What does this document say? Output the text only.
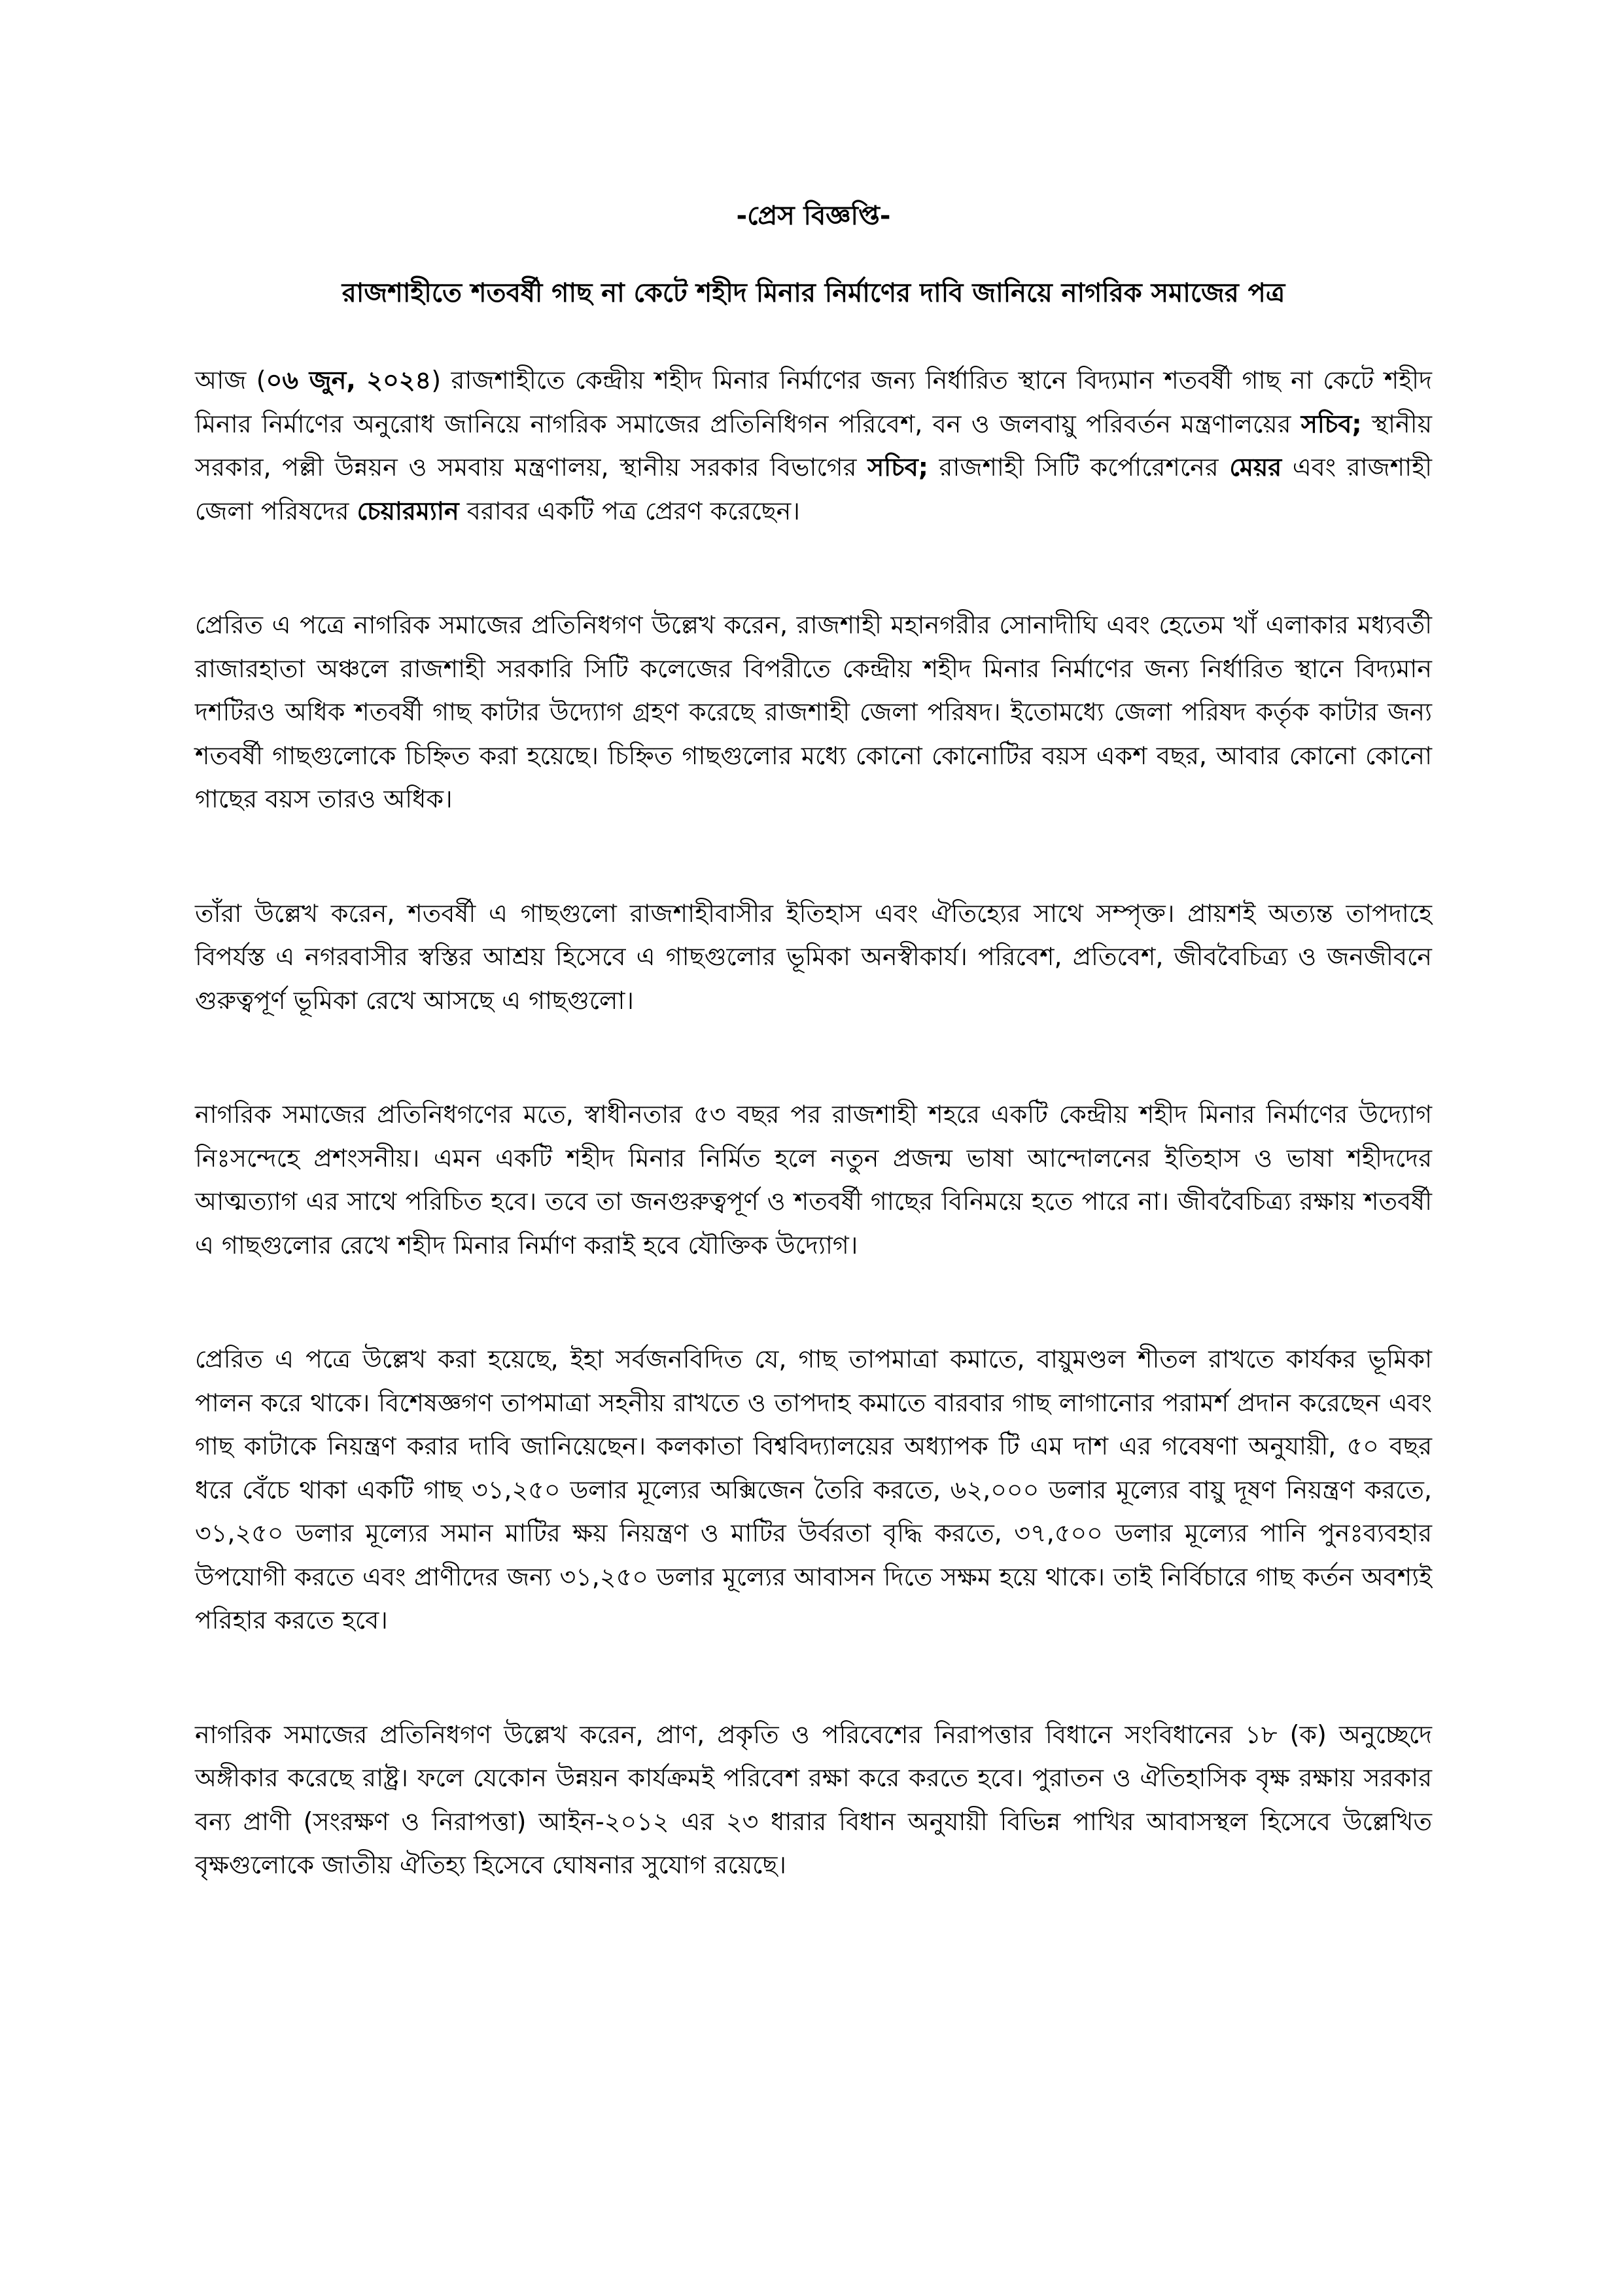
-প্রেস বিজ্ঞপ্তি-
রাজশাহীতে শতবর্ষী গাছ না কেটে শহীদ মিনার নির্মাণের দাবি জানিয়ে নাগরিক সমাজের পত্র

আজ (০৬ জুন, ২০২৪) রাজশাহীতে কেন্দ্রীয় শহীদ মিনার নির্মাণের জন্য নির্ধারিত স্থানে বিদ্যমান শতবর্ষী গাছ না কেটে শহীদ মিনার নির্মাণের অনুরোধ জানিয়ে নাগরিক সমাজের প্রতিনিধিগন পরিবেশ, বন ও জলবায়ু পরিবর্তন মন্ত্রণালয়ের সচিব; স্থানীয় সরকার, পল্লী উন্নয়ন ও সমবায় মন্ত্রণালয়, স্থানীয় সরকার বিভাগের সচিব; রাজশাহী সিটি কর্পোরেশনের মেয়র এবং রাজশাহী জেলা পরিষদের চেয়ারম্যান বরাবর একটি পত্র প্রেরণ করেছেন।

প্রেরিত এ পত্রে নাগরিক সমাজের প্রতিনিধগণ উল্লেখ করেন, রাজশাহী মহানগরীর সোনাদীঘি এবং হেতেম খাঁ এলাকার মধ্যবর্তী রাজারহাতা অঞ্চলে রাজশাহী সরকারি সিটি কলেজের বিপরীতে কেন্দ্রীয় শহীদ মিনার নির্মাণের জন্য নির্ধারিত স্থানে বিদ্যমান দশটিরও অধিক শতবর্ষী গাছ কাটার উদ্যোগ গ্রহণ করেছে রাজশাহী জেলা পরিষদ। ইতোমধ্যে জেলা পরিষদ কর্তৃক কাটার জন্য শতবর্ষী গাছগুলোকে চিহ্নিত করা হয়েছে। চিহ্নিত গাছগুলোর মধ্যে কোনো কোনোটির বয়স একশ বছর, আবার কোনো কোনো গাছের বয়স তারও অধিক।

তাঁরা উল্লেখ করেন, শতবর্ষী এ গাছগুলো রাজশাহীবাসীর ইতিহাস এবং ঐতিহ্যের সাথে সম্পৃক্ত। প্রায়শই অত্যন্ত তাপদাহে বিপর্যস্ত এ নগরবাসীর স্বস্তির আশ্রয় হিসেবে এ গাছগুলোর ভূমিকা অনস্বীকার্য। পরিবেশ, প্রতিবেশ, জীববৈচিত্র্য ও জনজীবনে গুরুত্বপূর্ণ ভূমিকা রেখে আসছে এ গাছগুলো।

নাগরিক সমাজের প্রতিনিধগণের মতে, স্বাধীনতার ৫৩ বছর পর রাজশাহী শহরে একটি কেন্দ্রীয় শহীদ মিনার নির্মাণের উদ্যোগ নিঃসন্দেহে প্রশংসনীয়। এমন একটি শহীদ মিনার নির্মিত হলে নতুন প্রজন্ম ভাষা আন্দোলনের ইতিহাস ও ভাষা শহীদদের আত্মত্যাগ এর সাথে পরিচিত হবে। তবে তা জনগুরুত্বপূর্ণ ও শতবর্ষী গাছের বিনিময়ে হতে পারে না। জীববৈচিত্র্য রক্ষায় শতবর্ষী এ গাছগুলোর রেখে শহীদ মিনার নির্মাণ করাই হবে যৌক্তিক উদ্যোগ।

প্রেরিত এ পত্রে উল্লেখ করা হয়েছে, ইহা সর্বজনবিদিত যে, গাছ তাপমাত্রা কমাতে, বায়ুমণ্ডল শীতল রাখতে কার্যকর ভূমিকা পালন করে থাকে। বিশেষজ্ঞগণ তাপমাত্রা সহনীয় রাখতে ও তাপদাহ কমাতে বারবার গাছ লাগানোর পরামর্শ প্রদান করেছেন এবং গাছ কাটাকে নিয়ন্ত্রণ করার দাবি জানিয়েছেন। কলকাতা বিশ্ববিদ্যালয়ের অধ্যাপক টি এম দাশ এর গবেষণা অনুযায়ী, ৫০ বছর ধরে বেঁচে থাকা একটি গাছ ৩১,২৫০ ডলার মূল্যের অক্সিজেন তৈরি করতে, ৬২,০০০ ডলার মূল্যের বায়ু দূষণ নিয়ন্ত্রণ করতে, ৩১,২৫০ ডলার মূল্যের সমান মাটির ক্ষয় নিয়ন্ত্রণ ও মাটির উর্বরতা বৃদ্ধি করতে, ৩৭,৫০০ ডলার মূল্যের পানি পুনঃব্যবহার উপযোগী করতে এবং প্রাণীদের জন্য ৩১,২৫০ ডলার মূল্যের আবাসন দিতে সক্ষম হয়ে থাকে। তাই নির্বিচারে গাছ কর্তন অবশ্যই পরিহার করতে হবে।

নাগরিক সমাজের প্রতিনিধগণ উল্লেখ করেন, প্রাণ, প্রকৃতি ও পরিবেশের নিরাপত্তার বিধানে সংবিধানের ১৮ (ক) অনুচ্ছেদে অঙ্গীকার করেছে রাষ্ট্র। ফলে যেকোন উন্নয়ন কার্যক্রমই পরিবেশ রক্ষা করে করতে হবে। পুরাতন ও ঐতিহাসিক বৃক্ষ রক্ষায় সরকার বন্য প্রাণী (সংরক্ষণ ও নিরাপত্তা) আইন-২০১২ এর ২৩ ধারার বিধান অনুযায়ী বিভিন্ন পাখির আবাসস্থল হিসেবে উল্লেখিত বৃক্ষগুলোকে জাতীয় ঐতিহ্য হিসেবে ঘোষনার সুযোগ রয়েছে।
